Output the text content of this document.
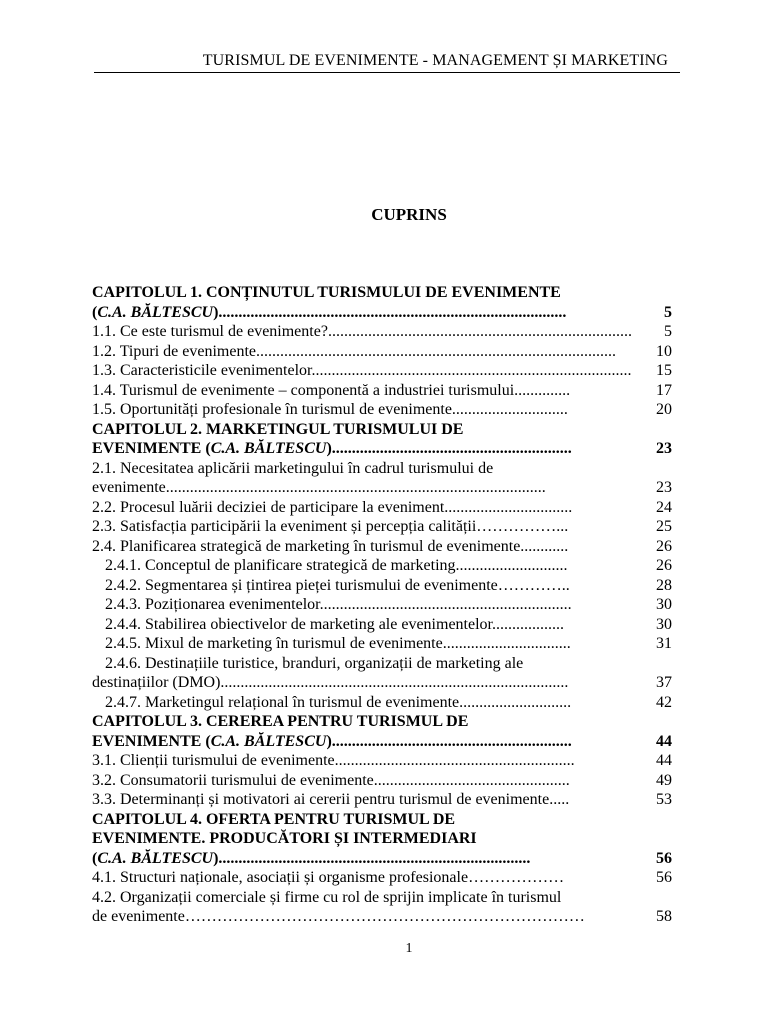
TURISMUL DE EVENIMENTE - MANAGEMENT ȘI MARKETING
CUPRINS
CAPITOLUL 1. CONȚINUTUL TURISMULUI DE EVENIMENTE
(C.A. BĂLTESCU).......................................................................................	5
1.1. Ce este turismul de evenimente?............................................................................	5
1.2. Tipuri de evenimente..........................................................................................	10
1.3. Caracteristicile evenimentelor................................................................................	15
1.4. Turismul de evenimente – componentă a industriei turismului..............	17
1.5. Oportunități profesionale în turismul de evenimente.............................	20
CAPITOLUL 2. MARKETINGUL TURISMULUI DE
EVENIMENTE (C.A. BĂLTESCU)............................................................	23
2.1. Necesitatea aplicării marketingului în cadrul turismului de
evenimente...............................................................................................	23
2.2. Procesul luării deciziei de participare la eveniment................................	24
2.3. Satisfacția participării la eveniment și percepția calității……………...	25
2.4. Planificarea strategică de marketing în turismul de evenimente............	26
2.4.1. Conceptul de planificare strategică de marketing............................	26
2.4.2. Segmentarea și țintirea pieței turismului de evenimente…………..	28
2.4.3. Poziționarea evenimentelor...............................................................	30
2.4.4. Stabilirea obiectivelor de marketing ale evenimentelor..................	30
2.4.5. Mixul de marketing în turismul de evenimente................................	31
2.4.6. Destinațiile turistice, branduri, organizații de marketing ale
destinațiilor (DMO).......................................................................................	37
2.4.7. Marketingul relațional în turismul de evenimente............................	42
CAPITOLUL 3. CEREREA PENTRU TURISMUL DE
EVENIMENTE (C.A. BĂLTESCU)............................................................	44
3.1. Clienții turismului de evenimente............................................................	44
3.2. Consumatorii turismului de evenimente.................................................	49
3.3. Determinanți și motivatori ai cererii pentru turismul de evenimente.....	53
CAPITOLUL 4. OFERTA PENTRU TURISMUL DE
EVENIMENTE. PRODUCĂTORI ȘI INTERMEDIARI
(C.A. BĂLTESCU)..............................................................................	56
4.1. Structuri naționale, asociații și organisme profesionale………………	56
4.2. Organizații comerciale și firme cu rol de sprijin implicate în turismul
de evenimente…………………………………………………………………	58
1
